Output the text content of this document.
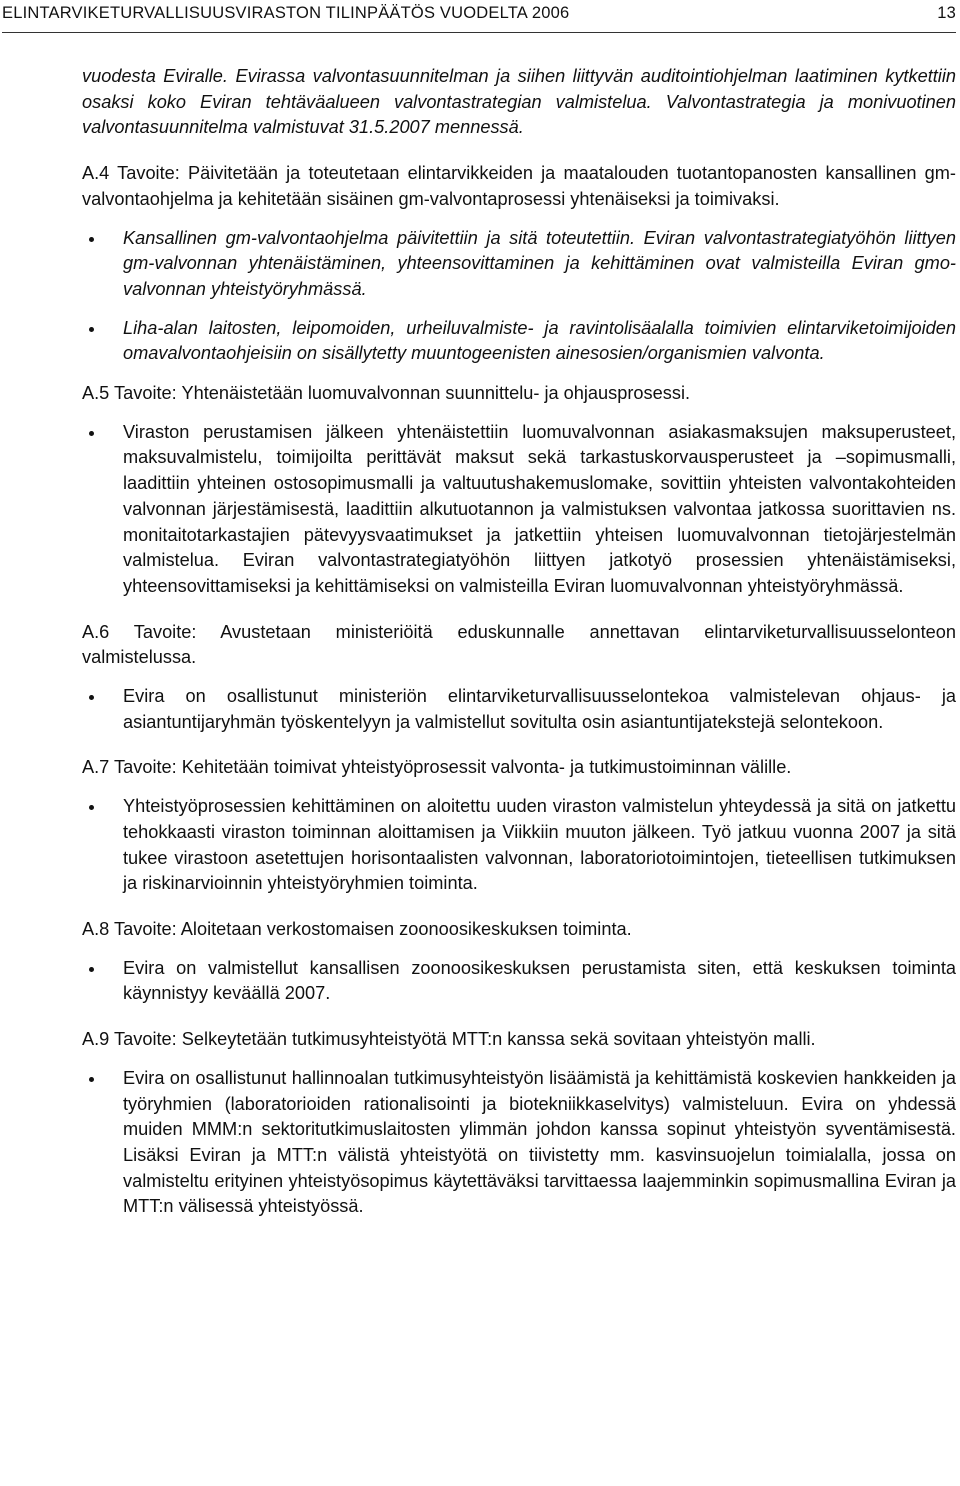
ELINTARVIKETURVALLISUUSVIRASTON TILINPÄÄTÖS VUODELTA 2006	13

vuodesta Eviralle. Evirassa valvontasuunnitelman ja siihen liittyvän auditointiohjelman laatiminen kytkettiin osaksi koko Eviran tehtäväalueen valvontastrategian valmistelua. Valvontastrategia ja monivuotinen valvontasuunnitelma valmistuvat 31.5.2007 mennessä.

A.4 Tavoite: Päivitetään ja toteutetaan elintarvikkeiden ja maatalouden tuotantopanosten kansallinen gm-valvontaohjelma ja kehitetään sisäinen gm-valvontaprosessi yhtenäiseksi ja toimivaksi.

Kansallinen gm-valvontaohjelma päivitettiin ja sitä toteutettiin. Eviran valvontastrategiatyöhön liittyen gm-valvonnan yhtenäistäminen, yhteensovittaminen ja kehittäminen ovat valmisteilla Eviran gmo-valvonnan yhteistyöryhmässä.

Liha-alan laitosten, leipomoiden, urheiluvalmiste- ja ravintolisäalalla toimivien elintarviketoimijoiden omavalvontaohjeisiin on sisällytetty muuntogeenisten ainesosien/organismien valvonta.

A.5 Tavoite: Yhtenäistetään luomuvalvonnan suunnittelu- ja ohjausprosessi.

Viraston perustamisen jälkeen yhtenäistettiin luomuvalvonnan asiakasmaksujen maksuperusteet, maksuvalmistelu, toimijoilta perittävät maksut sekä tarkastuskorvausperusteet ja –sopimusmalli, laadittiin yhteinen ostosopimusmalli ja valtuutushakemuslomake, sovittiin yhteisten valvontakohteiden valvonnan järjestämisestä, laadittiin alkutuotannon ja valmistuksen valvontaa jatkossa suorittavien ns. monitaitotarkastajien pätevyysvaatimukset ja jatkettiin yhteisen luomuvalvonnan tietojärjestelmän valmistelua. Eviran valvontastrategiatyöhön liittyen jatkotyö prosessien yhtenäistämiseksi, yhteensovittamiseksi ja kehittämiseksi on valmisteilla Eviran luomuvalvonnan yhteistyöryhmässä.

A.6 Tavoite: Avustetaan ministeriöitä eduskunnalle annettavan elintarviketurvallisuusselonteon valmistelussa.

Evira on osallistunut ministeriön elintarviketurvallisuusselontekoa valmistelevan ohjaus- ja asiantuntijaryhmän työskentelyyn ja valmistellut sovitulta osin asiantuntijatekstejä selontekoon.

A.7 Tavoite: Kehitetään toimivat yhteistyöprosessit valvonta- ja tutkimustoiminnan välille.

Yhteistyöprosessien kehittäminen on aloitettu uuden viraston valmistelun yhteydessä ja sitä on jatkettu tehokkaasti viraston toiminnan aloittamisen ja Viikkiin muuton jälkeen. Työ jatkuu vuonna 2007 ja sitä tukee virastoon asetettujen horisontaalisten valvonnan, laboratoriotoimintojen, tieteellisen tutkimuksen ja riskinarvioinnin yhteistyöryhmien toiminta.

A.8 Tavoite: Aloitetaan verkostomaisen zoonoosikeskuksen toiminta.

Evira on valmistellut kansallisen zoonoosikeskuksen perustamista siten, että keskuksen toiminta käynnistyy keväällä 2007.

A.9 Tavoite: Selkeytetään tutkimusyhteistyötä MTT:n kanssa sekä sovitaan yhteistyön malli.

Evira on osallistunut hallinnoalan tutkimusyhteistyön lisäämistä ja kehittämistä koskevien hankkeiden ja työryhmien (laboratorioiden rationalisointi ja biotekniikkaselvitys) valmisteluun. Evira on yhdessä muiden MMM:n sektoritutkimuslaitosten ylimmän johdon kanssa sopinut yhteistyön syventämisestä. Lisäksi Eviran ja MTT:n välistä yhteistyötä on tiivistetty mm. kasvinsuojelun toimialalla, jossa on valmisteltu erityinen yhteistyösopimus käytettäväksi tarvittaessa laajemminkin sopimusmallina Eviran ja MTT:n välisessä yhteistyössä.
